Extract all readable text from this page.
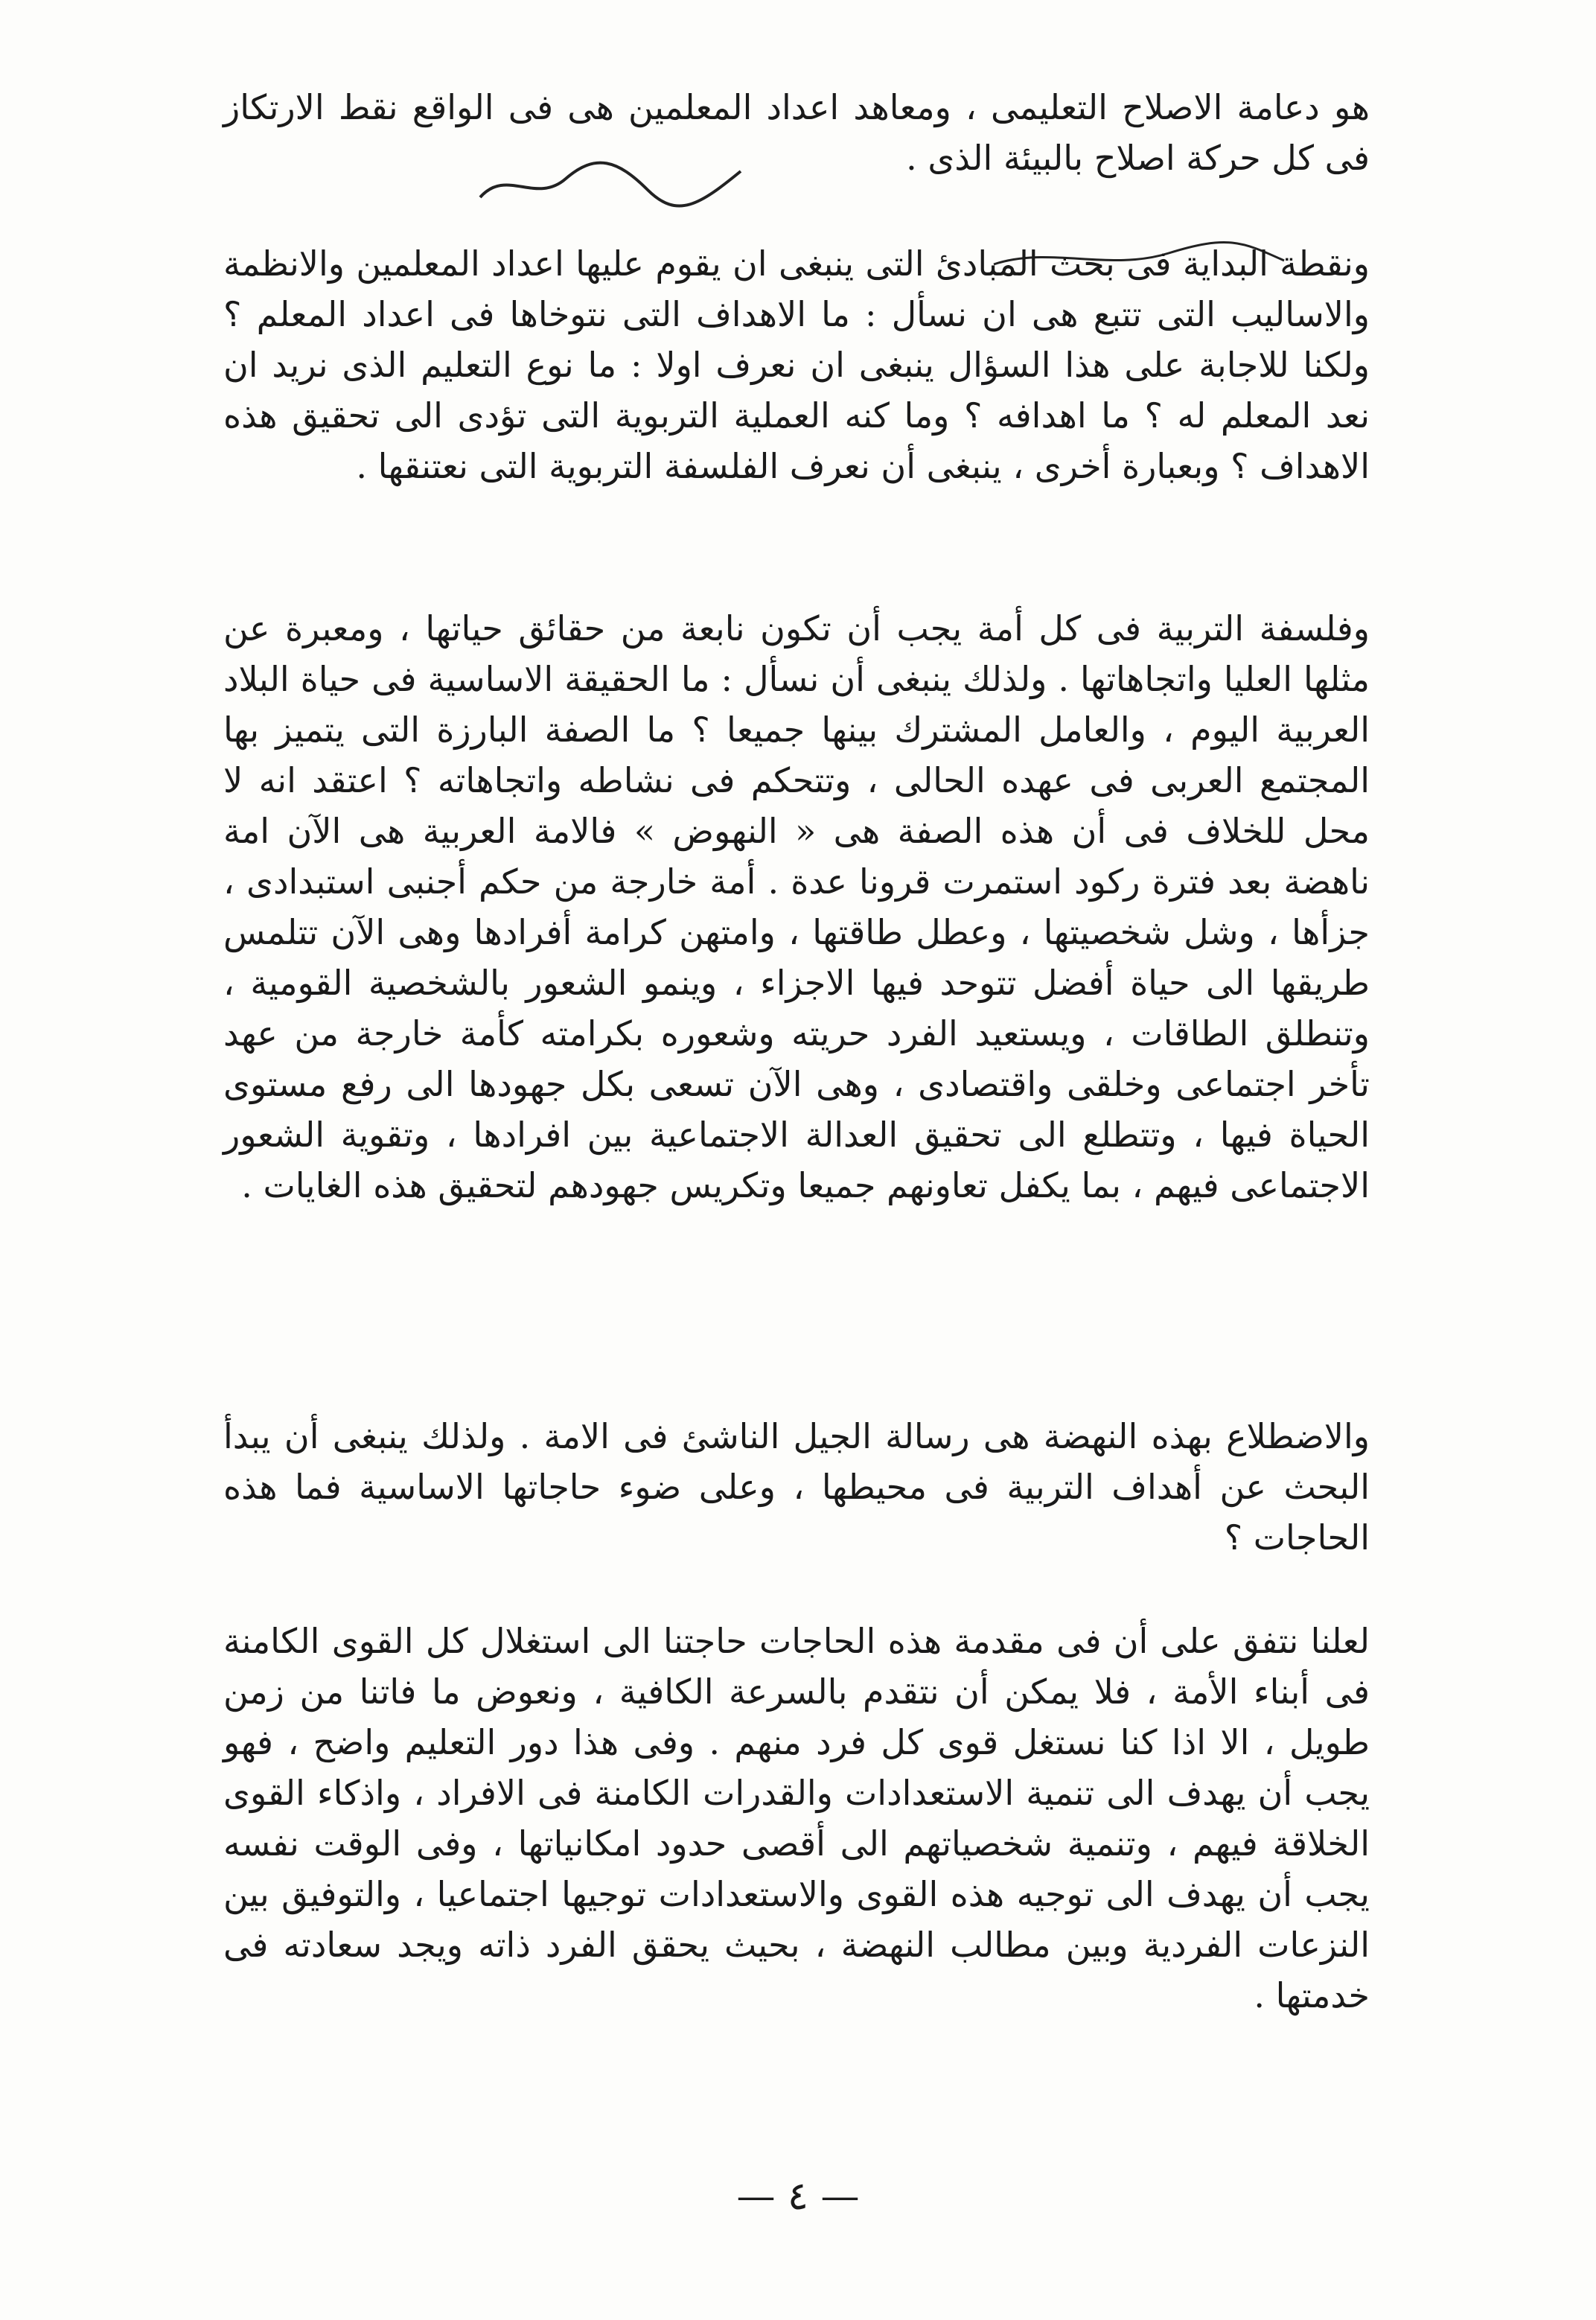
هو دعامة الاصلاح التعليمى ، ومعاهد اعداد المعلمين هى فى الواقع نقط الارتكاز فى كل حركة اصلاح بالبيئة الذى .

ونقطة البداية فى بحث المبادئ التى ينبغى ان يقوم عليها اعداد المعلمين والانظمة والاساليب التى تتبع هى ان نسأل : ما الاهداف التى نتوخاها فى اعداد المعلم ؟ ولكنا للاجابة على هذا السؤال ينبغى ان نعرف اولا : ما نوع التعليم الذى نريد ان نعد المعلم له ؟ ما اهدافه ؟ وما كنه العملية التربوية التى تؤدى الى تحقيق هذه الاهداف ؟ وبعبارة أخرى ، ينبغى أن نعرف الفلسفة التربوية التى نعتنقها .

وفلسفة التربية فى كل أمة يجب أن تكون نابعة من حقائق حياتها ، ومعبرة عن مثلها العليا واتجاهاتها . ولذلك ينبغى أن نسأل : ما الحقيقة الاساسية فى حياة البلاد العربية اليوم ، والعامل المشترك بينها جميعا ؟ ما الصفة البارزة التى يتميز بها المجتمع العربى فى عهده الحالى ، وتتحكم فى نشاطه واتجاهاته ؟ اعتقد انه لا محل للخلاف فى أن هذه الصفة هى « النهوض » فالامة العربية هى الآن امة ناهضة بعد فترة ركود استمرت قرونا عدة . أمة خارجة من حكم أجنبى استبدادى ، جزأها ، وشل شخصيتها ، وعطل طاقتها ، وامتهن كرامة أفرادها وهى الآن تتلمس طريقها الى حياة أفضل تتوحد فيها الاجزاء ، وينمو الشعور بالشخصية القومية ، وتنطلق الطاقات ، ويستعيد الفرد حريته وشعوره بكرامته كأمة خارجة من عهد تأخر اجتماعى وخلقى واقتصادى ، وهى الآن تسعى بكل جهودها الى رفع مستوى الحياة فيها ، وتتطلع الى تحقيق العدالة الاجتماعية بين افرادها ، وتقوية الشعور الاجتماعى فيهم ، بما يكفل تعاونهم جميعا وتكريس جهودهم لتحقيق هذه الغايات .

والاضطلاع بهذه النهضة هى رسالة الجيل الناشئ فى الامة . ولذلك ينبغى أن يبدأ البحث عن أهداف التربية فى محيطها ، وعلى ضوء حاجاتها الاساسية فما هذه الحاجات ؟

لعلنا نتفق على أن فى مقدمة هذه الحاجات حاجتنا الى استغلال كل القوى الكامنة فى أبناء الأمة ، فلا يمكن أن نتقدم بالسرعة الكافية ، ونعوض ما فاتنا من زمن طويل ، الا اذا كنا نستغل قوى كل فرد منهم . وفى هذا دور التعليم واضح ، فهو يجب أن يهدف الى تنمية الاستعدادات والقدرات الكامنة فى الافراد ، واذكاء القوى الخلاقة فيهم ، وتنمية شخصياتهم الى أقصى حدود امكانياتها ، وفى الوقت نفسه يجب أن يهدف الى توجيه هذه القوى والاستعدادات توجيها اجتماعيا ، والتوفيق بين النزعات الفردية وبين مطالب النهضة ، بحيث يحقق الفرد ذاته ويجد سعادته فى خدمتها .

— ٤ —
